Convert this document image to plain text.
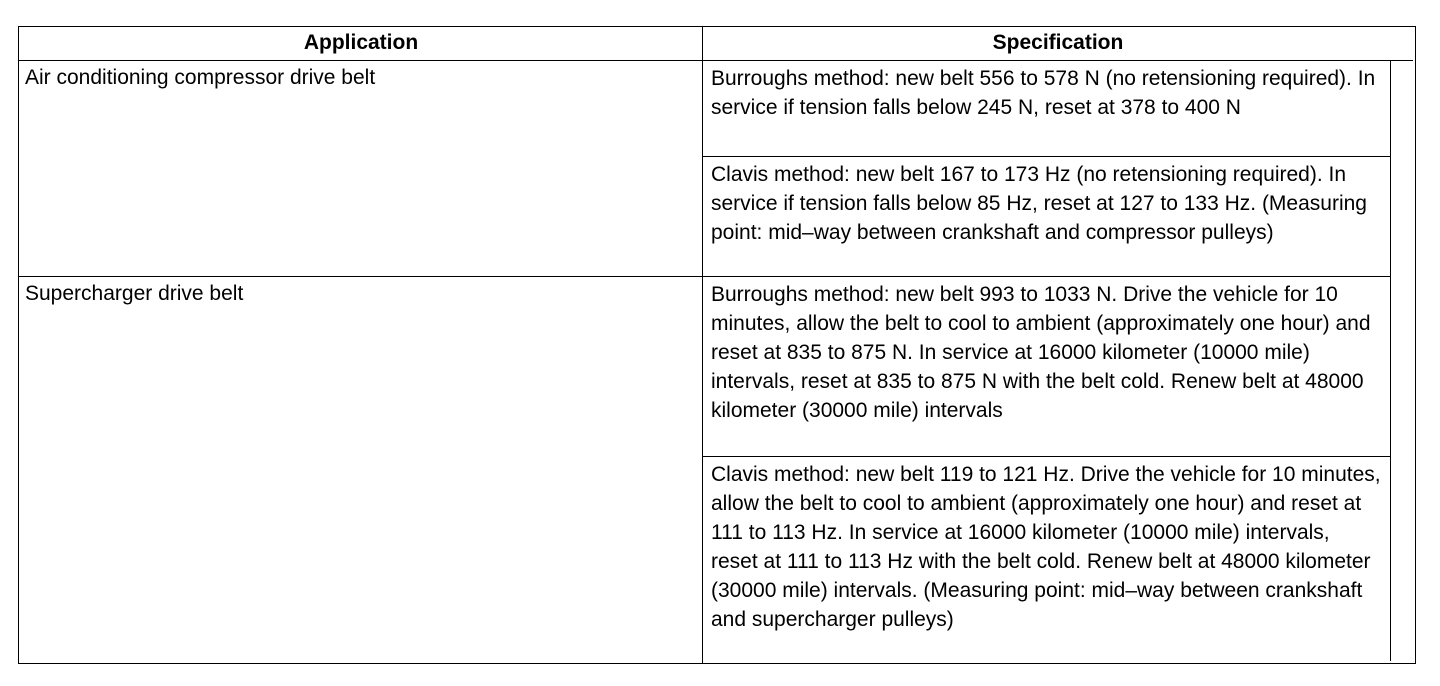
Application	Specification
Air conditioning compressor drive belt
Supercharger drive belt
Burroughs method: new belt 556 to 578 N (no retensioning required). In service if tension falls below 245 N, reset at 378 to 400 N
Clavis method: new belt 167 to 173 Hz (no retensioning required). In service if tension falls below 85 Hz, reset at 127 to 133 Hz. (Measuring point: mid–way between crankshaft and compressor pulleys)
Burroughs method: new belt 993 to 1033 N. Drive the vehicle for 10 minutes, allow the belt to cool to ambient (approximately one hour) and reset at 835 to 875 N. In service at 16000 kilometer (10000 mile) intervals, reset at 835 to 875 N with the belt cold. Renew belt at 48000 kilometer (30000 mile) intervals
Clavis method: new belt 119 to 121 Hz. Drive the vehicle for 10 minutes, allow the belt to cool to ambient (approximately one hour) and reset at 111 to 113 Hz. In service at 16000 kilometer (10000 mile) intervals, reset at 111 to 113 Hz with the belt cold. Renew belt at 48000 kilometer (30000 mile) intervals. (Measuring point: mid–way between crankshaft and supercharger pulleys)
